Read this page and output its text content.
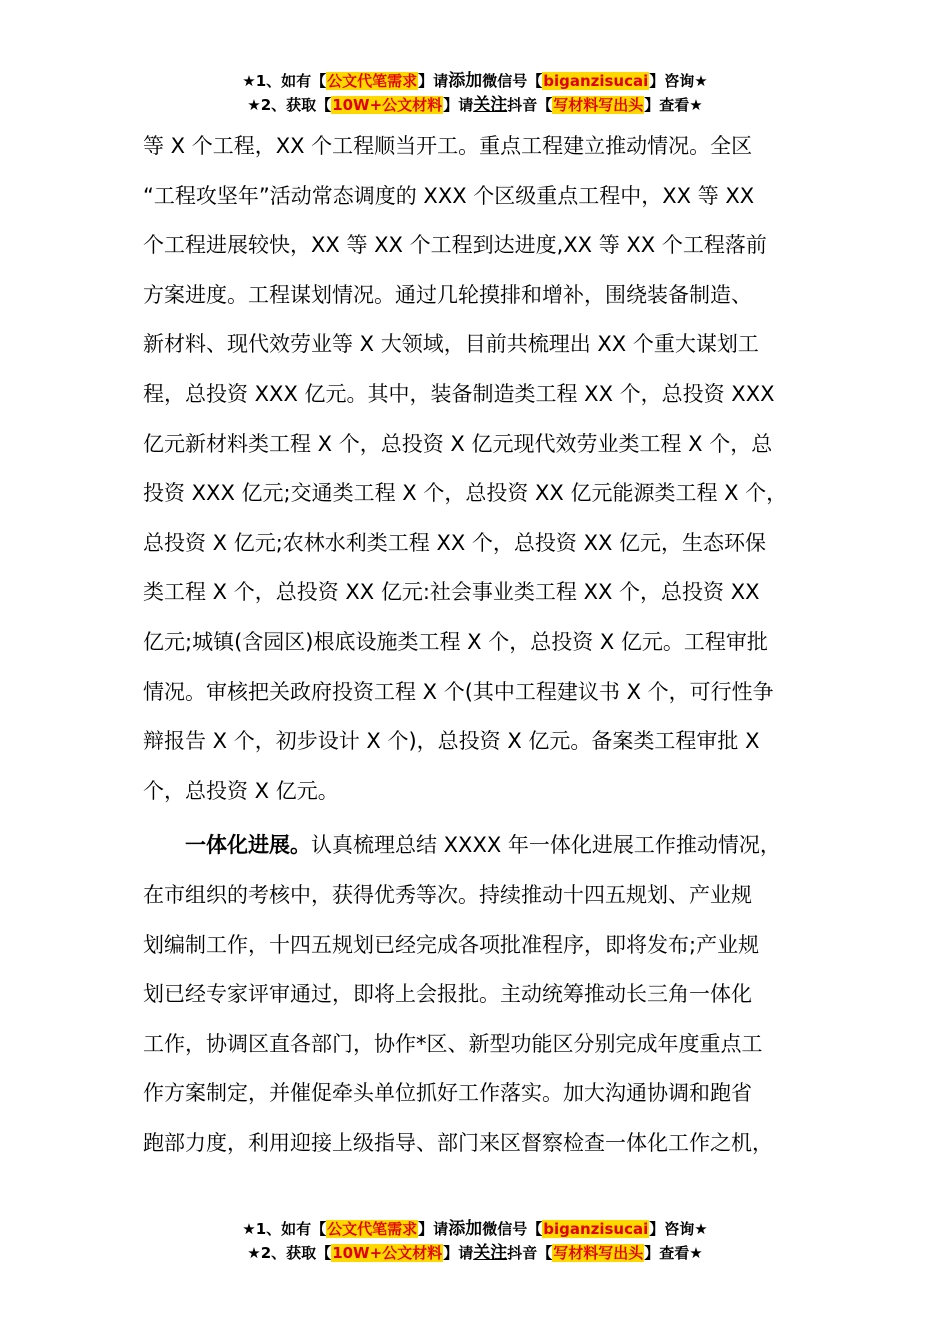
★1、如有【公文代笔需求】请添加微信号【biganzisucai】咨询★
★2、获取【10W+公文材料】请关注抖音【写材料写出头】查看★
等 X 个工程，XX 个工程顺当开工。重点工程建立推动情况。全区
“工程攻坚年”活动常态调度的 XXX 个区级重点工程中，XX 等 XX
个工程进展较快，XX 等 XX 个工程到达进度,XX 等 XX 个工程落前
方案进度。工程谋划情况。通过几轮摸排和增补，围绕装备制造、
新材料、现代效劳业等 X 大领域，目前共梳理出 XX 个重大谋划工
程，总投资 XXX 亿元。其中，装备制造类工程 XX 个，总投资 XXX
亿元新材料类工程 X 个，总投资 X 亿元现代效劳业类工程 X 个，总
投资 XXX 亿元;交通类工程 X 个，总投资 XX 亿元能源类工程 X 个，
总投资 X 亿元;农林水利类工程 XX 个，总投资 XX 亿元，生态环保
类工程 X 个，总投资 XX 亿元:社会事业类工程 XX 个，总投资 XX
亿元;城镇(含园区)根底设施类工程 X 个，总投资 X 亿元。工程审批
情况。审核把关政府投资工程 X 个(其中工程建议书 X 个，可行性争
辩报告 X 个，初步设计 X 个)，总投资 X 亿元。备案类工程审批 X
个，总投资 X 亿元。
一体化进展。认真梳理总结 XXXX 年一体化进展工作推动情况，
在市组织的考核中，获得优秀等次。持续推动十四五规划、产业规
划编制工作，十四五规划已经完成各项批准程序，即将发布;产业规
划已经专家评审通过，即将上会报批。主动统筹推动长三角一体化
工作，协调区直各部门，协作*区、新型功能区分别完成年度重点工
作方案制定，并催促牵头单位抓好工作落实。加大沟通协调和跑省
跑部力度，利用迎接上级指导、部门来区督察检查一体化工作之机，
★1、如有【公文代笔需求】请添加微信号【biganzisucai】咨询★
★2、获取【10W+公文材料】请关注抖音【写材料写出头】查看★
